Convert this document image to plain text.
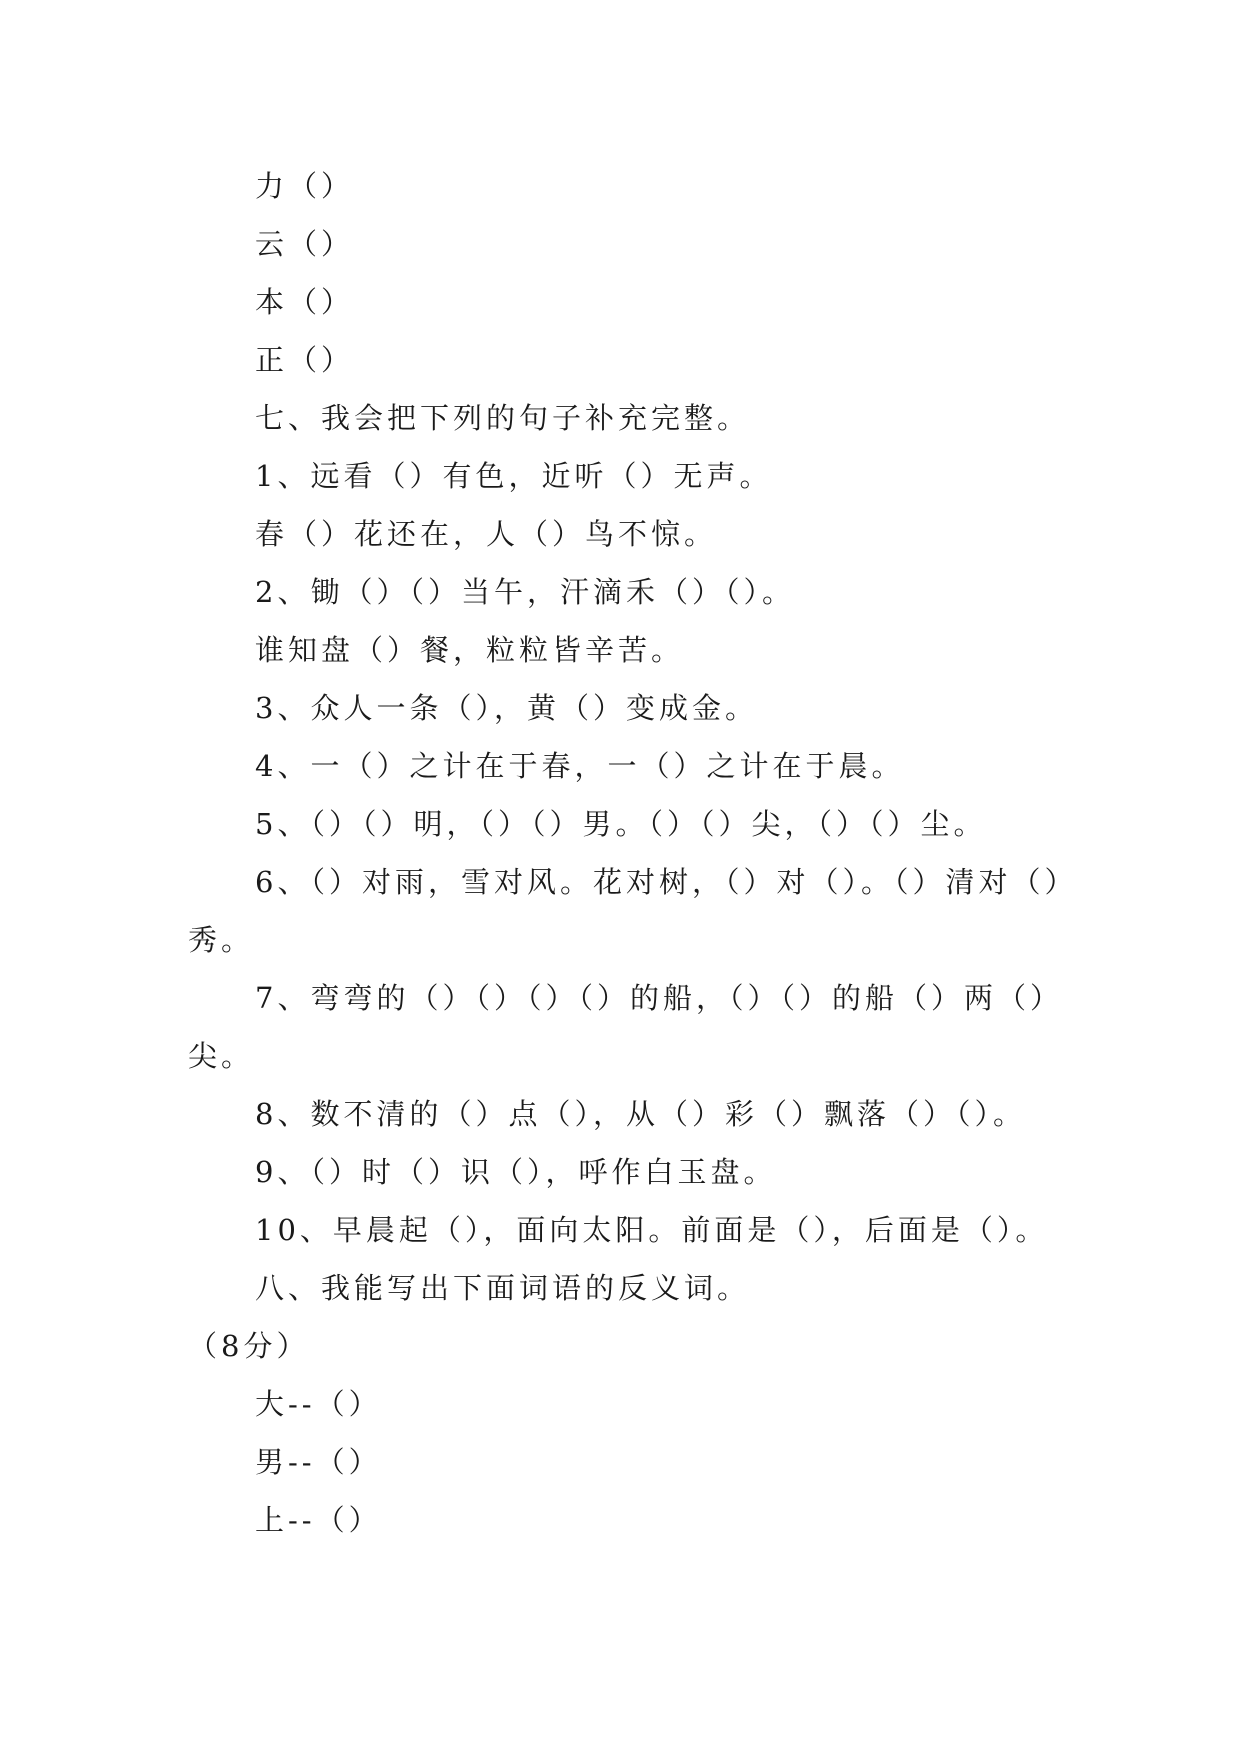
力（）
云（）
本（）
正（）
七、我会把下列的句子补充完整。
1、远看（）有色，近听（）无声。
春（）花还在，人（）鸟不惊。
2、锄（）（）当午，汗滴禾（）（）。
谁知盘（）餐，粒粒皆辛苦。
3、众人一条（），黄（）变成金。
4、一（）之计在于春，一（）之计在于晨。
5、（）（）明，（）（）男。（）（）尖，（）（）尘。
6、（）对雨，雪对风。花对树，（）对（）。（）清对（）
秀。
7、弯弯的（）（）（）（）的船，（）（）的船（）两（）
尖。
8、数不清的（）点（），从（）彩（）飘落（）（）。
9、（）时（）识（），呼作白玉盘。
10、早晨起（），面向太阳。前面是（），后面是（）。
八、我能写出下面词语的反义词。
（8分）
大--（）
男--（）
上--（）
